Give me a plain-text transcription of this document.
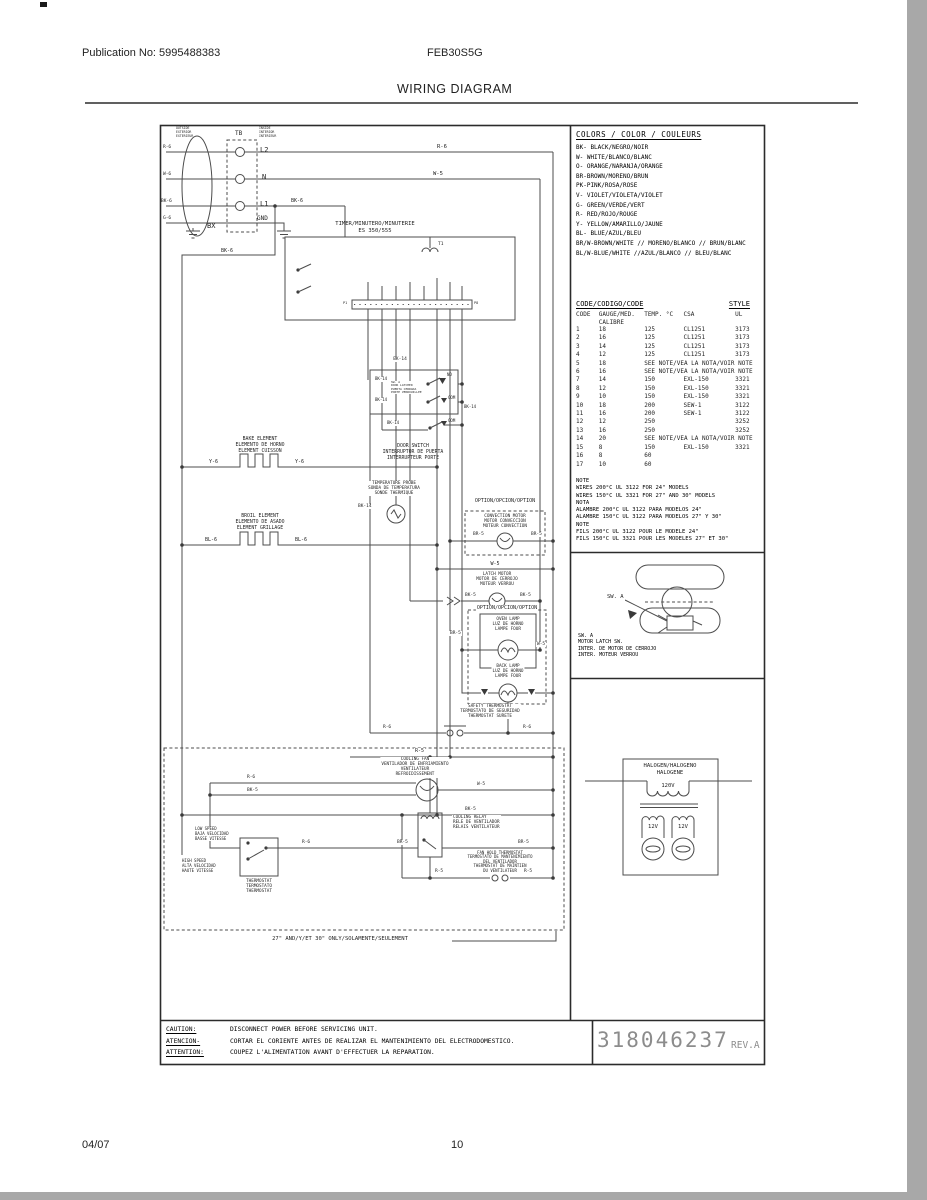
Publication No: 5995488383	FEB30S5G
WIRING DIAGRAM
OUTSIDE
EXTERIOR
EXTERIEUR	TB
INSIDE
INTERIOR
INTERIEUR
L2
N
L1
GND
R-6
W-6
BK-6
G-6
BX
BK-6
R-6
W-5
BK-6
TIMER/MINUTERO/MINUTERIE
ES 350/555
T1
P1	P8
BAKE ELEMENT
ELEMENTO DE HORNO
ELEMENT CUISSON
Y-6	Y-6
BROIL ELEMENT
ELEMENTO DE ASADO
ELEMENT GRILLAGE
BL-6	BL-6
BK-14
BK-14
BK-14
BK-14
BK-14
NO
COM
COM
SW. A
DOOR LATCHED
PUERTA CERRADA
PORTE VERROUILLEE
DOOR SWITCH
INTERRUPTOR DE PUERTA
INTERRUPTEUR PORTE
TEMPERATURE PROBE
SONDA DE TEMPERATURA
SONDE THERMIQUE
BK-14
OPTION/OPCION/OPTION
CONVECTION MOTOR
MOTOR CONVECCION
MOTEUR CONVECTION
BR-5	BR-5
W-5
LATCH MOTOR
MOTOR DE CERROJO
MOTEUR VERROU
BK-5	BK-5
OPTION/OPCION/OPTION
OVEN LAMP
LUZ DE HORNO
LAMPE FOUR
BR-5
W-5
BACK LAMP
LUZ DE HORNO
LAMPE FOUR
SAFETY THERMOSTAT
TERMOSTATO DE SEGURIDAD
THERMOSTAT SURETE
R-6	R-6
R-5
COOLING FAN
VENTILADOR DE ENFRIAMIENTO
VENTILATEUR
REFROIDISSEMENT
R-6
BK-5
W-5
BK-5
LOW SPEED
BAJA VELOCIDAD
BASSE VITESSE
HIGH SPEED
ALTA VELOCIDAD
HAUTE VITESSE
THERMOSTAT
TERMOSTATO
THERMOSTAT
R-6	BR-5
COOLING RELAY
RELE DE VENTILADOR
RELAIS VENTILATEUR
BR-5
FAN HOLD THERMOSTAT
TERMOSTATO DE MANTENIMIENTO
DEL VENTILADOR
THERMOSTAT DE MAINTIEN
DU VENTILATEUR
R-5	R-5
27" AND/Y/ET 30" ONLY/SOLAMENTE/SEULEMENT
COLORS / COLOR / COULEURS
BK- BLACK/NEGRO/NOIR
W- WHITE/BLANCO/BLANC
O- ORANGE/NARANJA/ORANGE
BR-BROWN/MORENO/BRUN
PK-PINK/ROSA/ROSE
V- VIOLET/VIOLETA/VIOLET
G- GREEN/VERDE/VERT
R- RED/ROJO/ROUGE
Y- YELLOW/AMARILLO/JAUNE
BL- BLUE/AZUL/BLEU
BR/W-BROWN/WHITE // MORENO/BLANCO // BRUN/BLANC
BL/W-BLUE/WHITE //AZUL/BLANCO // BLEU/BLANC
CODE/CODIGO/CODE	STYLE
CODE	GAUGE/MED.
CALIBRE	TEMP. °C	CSA	UL
1	18	125	CL1251	3173
2	16	125	CL1251	3173
3	14	125	CL1251	3173
4	12	125	CL1251	3173
5	18	SEE NOTE/VEA LA NOTA/VOIR NOTE		
6	16	SEE NOTE/VEA LA NOTA/VOIR NOTE		
7	14	150	EXL-150	3321
8	12	150	EXL-150	3321
9	10	150	EXL-150	3321
10	18	200	SEW-1	3122
11	16	200	SEW-1	3122
12	12	250		3252
13	16	250		3252
14	20	SEE NOTE/VEA LA NOTA/VOIR NOTE		
15	8	150	EXL-150	3321
16	8	60		
17	10	60		
NOTE
WIRES 200°C UL 3122 FOR 24" MODELS
WIRES 150°C UL 3321 FOR 27" AND 30" MODELS
NOTA
ALAMBRE 200°C UL 3122 PARA MODELOS 24"
ALAMBRE 150°C UL 3122 PARA MODELOS 27" Y 30"
NOTE
FILS 200°C UL 3122 POUR LE MODELE 24"
FILS 150°C UL 3321 POUR LES MODELES 27" ET 30"
SW. A
SW. A
MOTOR LATCH SW.
INTER. DE MOTOR DE CERROJO
INTER. MOTEUR VERROU
HALOGEN/HALOGENO
HALOGENE
120V
12V	12V
CAUTION:	DISCONNECT POWER BEFORE SERVICING UNIT.
ATENCION-	CORTAR EL CORIENTE ANTES DE REALIZAR EL MANTENIMIENTO DEL ELECTRODOMESTICO.
ATTENTION:	COUPEZ L'ALIMENTATION AVANT D'EFFECTUER LA REPARATION.
318046237 REV.A
04/07	10
